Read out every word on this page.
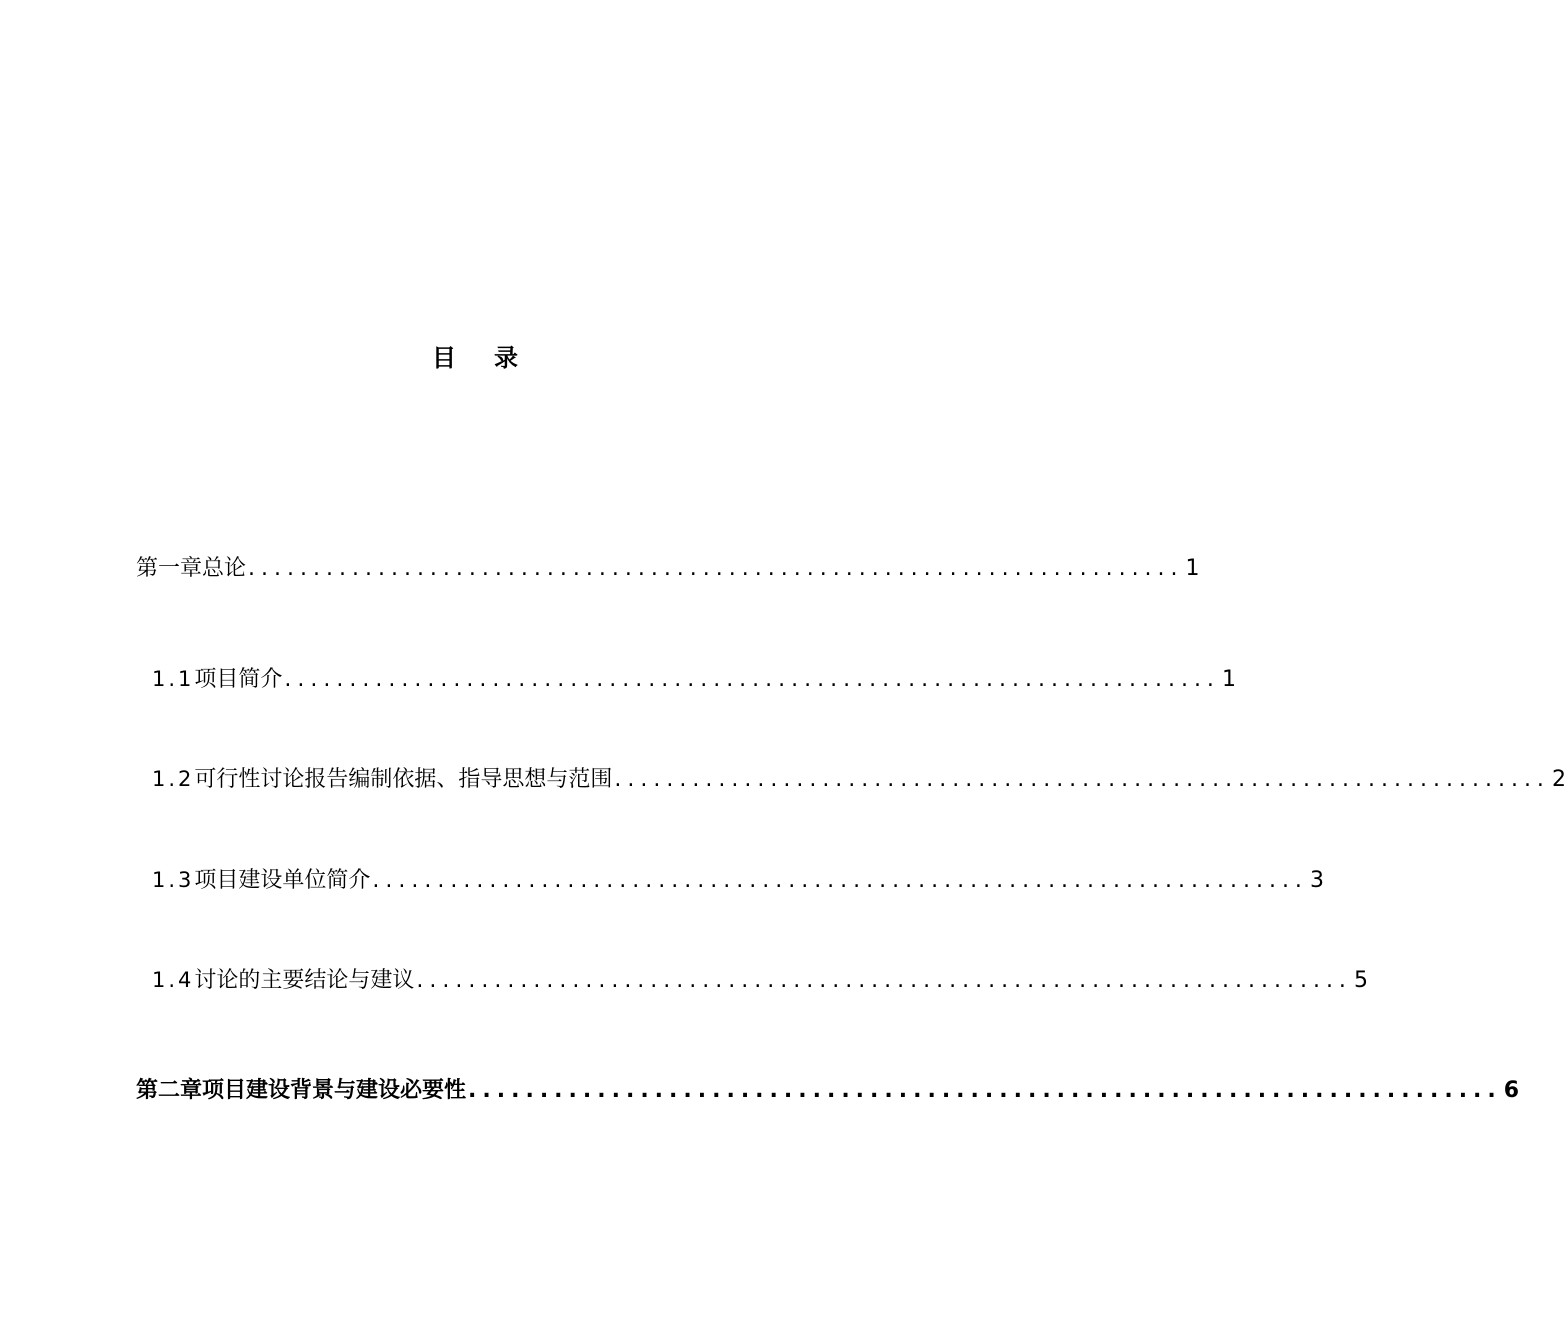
目录
第一章 总论 ........................................................................ 1
1.1 项目简介 ........................................................................ 1
1.2 可行性讨论报告编制依据、指导思想与范围 ........................................................................ 2
1.3 项目建设单位简介 ........................................................................ 3
1.4 讨论的主要结论与建议 ........................................................................ 5
第二章 项目建设背景与建设必要性 ........................................................................ 6
